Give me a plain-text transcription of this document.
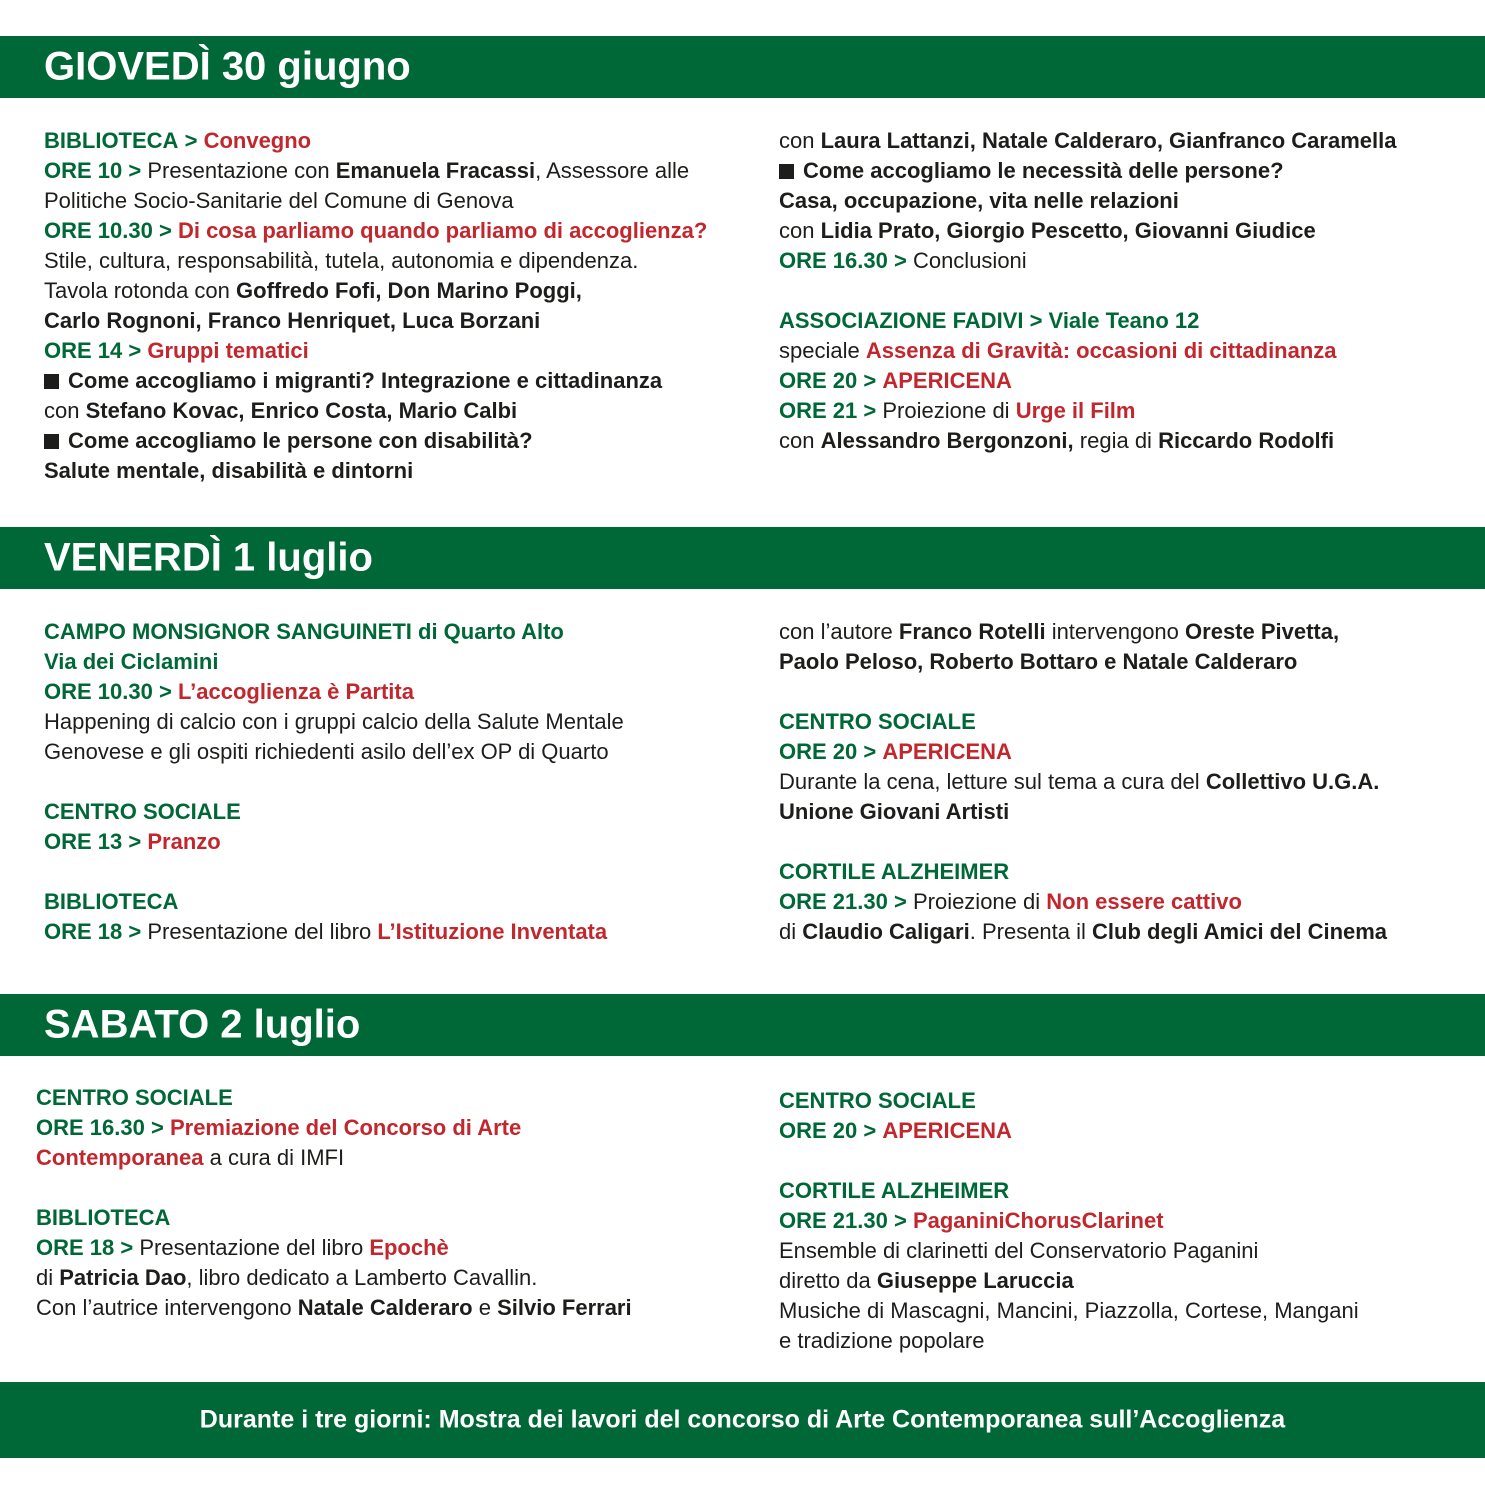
GIOVEDÌ 30 giugno
BIBLIOTECA > Convegno
ORE 10 > Presentazione con Emanuela Fracassi, Assessore alle
Politiche Socio-Sanitarie del Comune di Genova
ORE 10.30 > Di cosa parliamo quando parliamo di accoglienza?
Stile, cultura, responsabilità, tutela, autonomia e dipendenza.
Tavola rotonda con Goffredo Fofi, Don Marino Poggi,
Carlo Rognoni, Franco Henriquet, Luca Borzani
ORE 14 > Gruppi tematici
Come accogliamo i migranti? Integrazione e cittadinanza
con Stefano Kovac, Enrico Costa, Mario Calbi
Come accogliamo le persone con disabilità?
Salute mentale, disabilità e dintorni
con Laura Lattanzi, Natale Calderaro, Gianfranco Caramella
Come accogliamo le necessità delle persone?
Casa, occupazione, vita nelle relazioni
con Lidia Prato, Giorgio Pescetto, Giovanni Giudice
ORE 16.30 > Conclusioni
ASSOCIAZIONE FADIVI > Viale Teano 12
speciale Assenza di Gravità: occasioni di cittadinanza
ORE 20 > APERICENA
ORE 21 > Proiezione di Urge il Film
con Alessandro Bergonzoni, regia di Riccardo Rodolfi
VENERDÌ 1 luglio
CAMPO MONSIGNOR SANGUINETI di Quarto Alto
Via dei Ciclamini
ORE 10.30 > L’accoglienza è Partita
Happening di calcio con i gruppi calcio della Salute Mentale
Genovese e gli ospiti richiedenti asilo dell’ex OP di Quarto
CENTRO SOCIALE
ORE 13 > Pranzo
BIBLIOTECA
ORE 18 > Presentazione del libro L’Istituzione Inventata
con l’autore Franco Rotelli intervengono Oreste Pivetta,
Paolo Peloso, Roberto Bottaro e Natale Calderaro
CENTRO SOCIALE
ORE 20 > APERICENA
Durante la cena, letture sul tema a cura del Collettivo U.G.A.
Unione Giovani Artisti
CORTILE ALZHEIMER
ORE 21.30 > Proiezione di Non essere cattivo
di Claudio Caligari. Presenta il Club degli Amici del Cinema
SABATO 2 luglio
CENTRO SOCIALE
ORE 16.30 > Premiazione del Concorso di Arte
Contemporanea a cura di IMFI
BIBLIOTECA
ORE 18 > Presentazione del libro Epochè
di Patricia Dao, libro dedicato a Lamberto Cavallin.
Con l’autrice intervengono Natale Calderaro e Silvio Ferrari
CENTRO SOCIALE
ORE 20 > APERICENA
CORTILE ALZHEIMER
ORE 21.30 > PaganiniChorusClarinet
Ensemble di clarinetti del Conservatorio Paganini
diretto da Giuseppe Laruccia
Musiche di Mascagni, Mancini, Piazzolla, Cortese, Mangani
e tradizione popolare
Durante i tre giorni: Mostra dei lavori del concorso di Arte Contemporanea sull’Accoglienza
